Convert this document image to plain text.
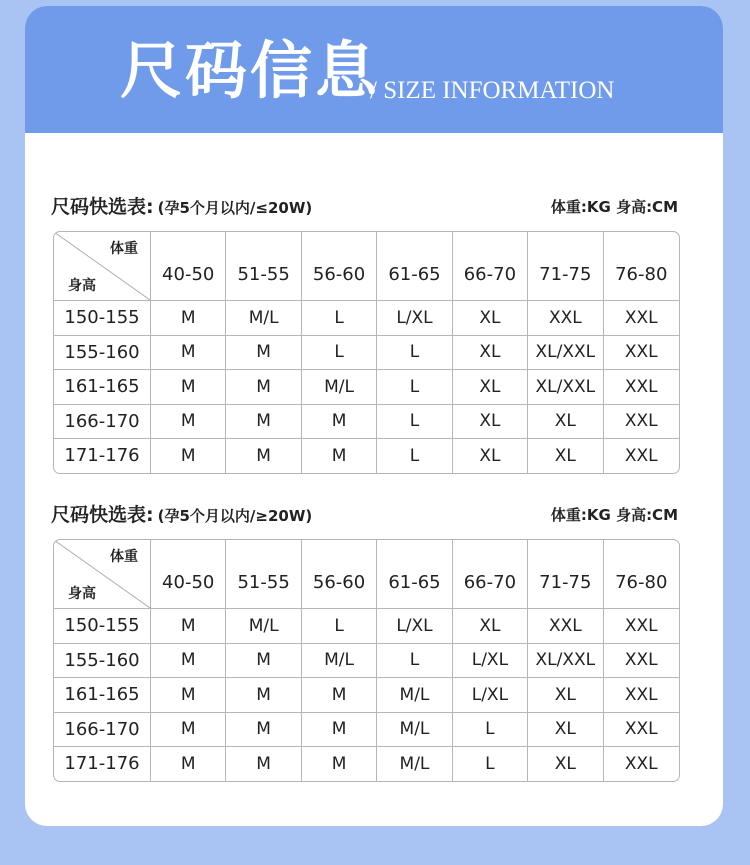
尺码信息
/ SIZE INFORMATION
尺码快选表: (孕5个月以内/≤20W)	体重:KG 身高:CM
体重
身高	40-50	51-55	56-60	61-65	66-70	71-75	76-80
150-155	M	M/L	L	L/XL	XL	XXL	XXL
155-160	M	M	L	L	XL	XL/XXL	XXL
161-165	M	M	M/L	L	XL	XL/XXL	XXL
166-170	M	M	M	L	XL	XL	XXL
171-176	M	M	M	L	XL	XL	XXL
尺码快选表: (孕5个月以内/≥20W)	体重:KG 身高:CM
体重
身高	40-50	51-55	56-60	61-65	66-70	71-75	76-80
150-155	M	M/L	L	L/XL	XL	XXL	XXL
155-160	M	M	M/L	L	L/XL	XL/XXL	XXL
161-165	M	M	M	M/L	L/XL	XL	XXL
166-170	M	M	M	M/L	L	XL	XXL
171-176	M	M	M	M/L	L	XL	XXL
